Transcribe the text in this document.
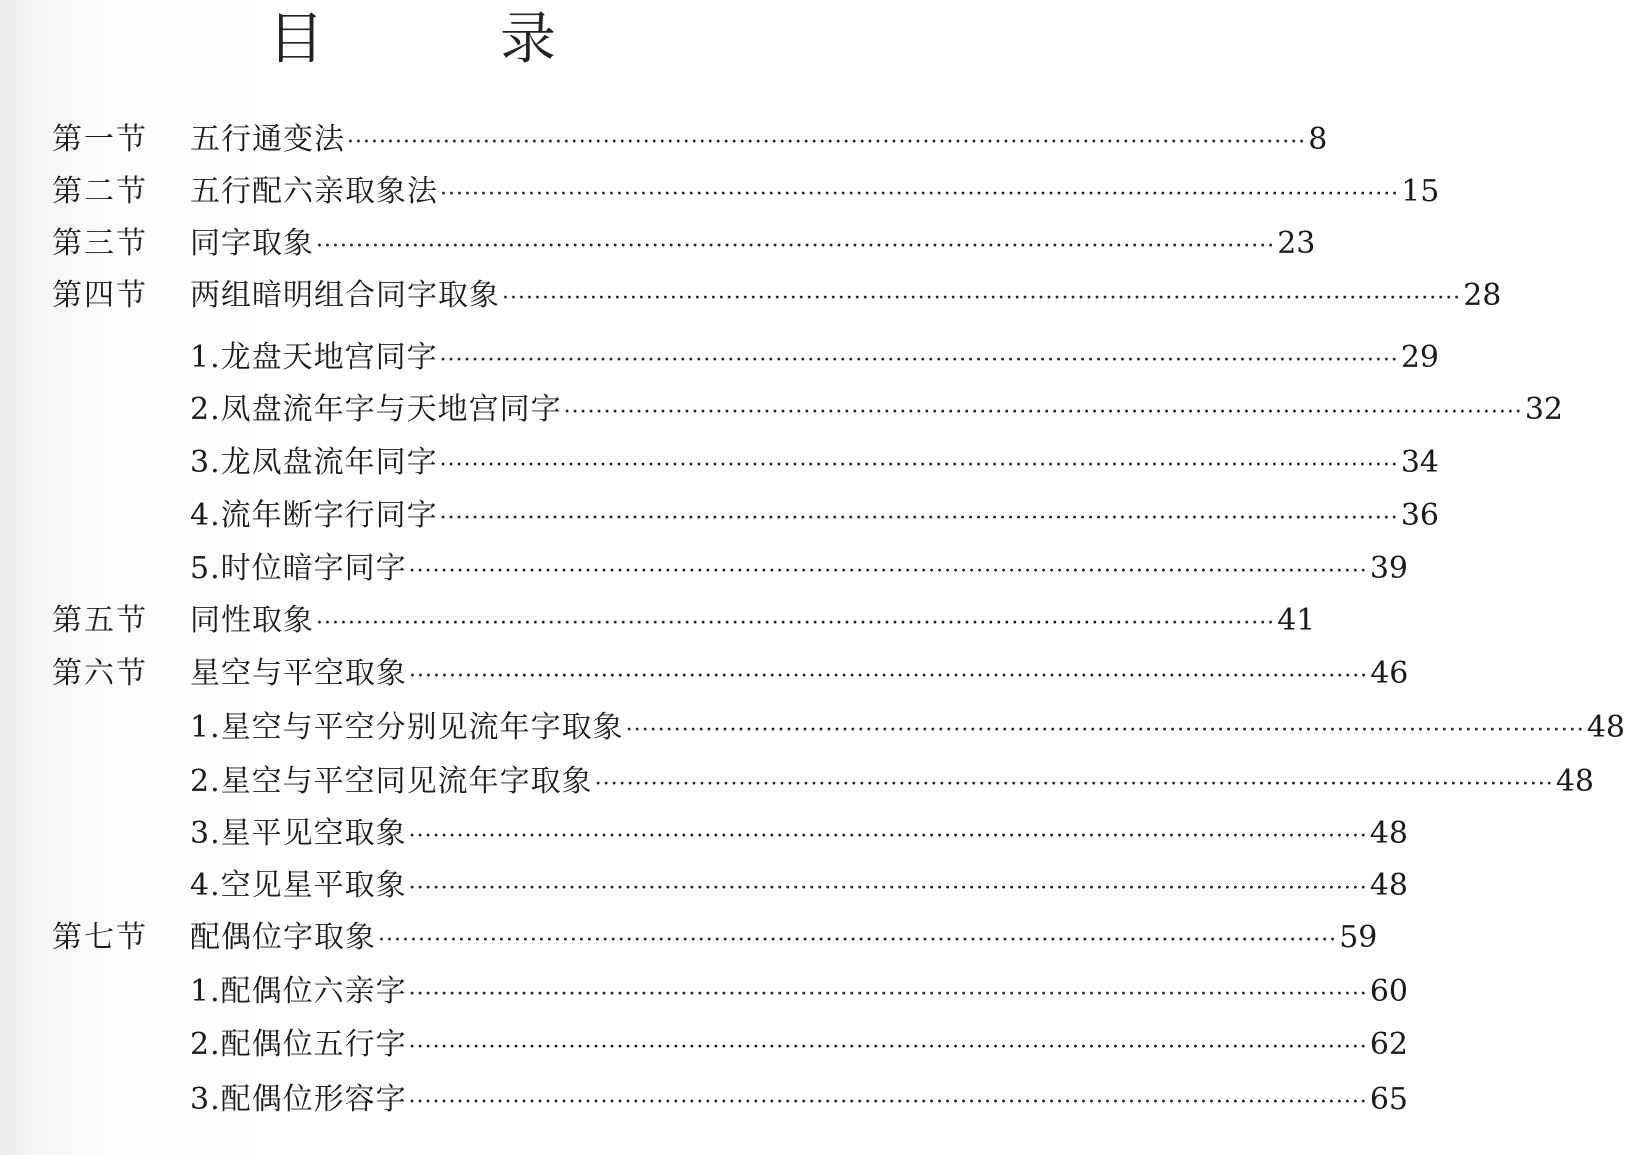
目　录
第一节 五行通变法 ························································································································ 8
第二节 五行配六亲取象法 ························································································································ 15
第三节 同字取象 ························································································································ 23
第四节 两组暗明组合同字取象 ························································································································ 28
1.龙盘天地宫同字 ························································································································ 29
2.凤盘流年字与天地宫同字 ························································································································ 32
3.龙凤盘流年同字 ························································································································ 34
4.流年断字行同字 ························································································································ 36
5.时位暗字同字 ························································································································ 39
第五节 同性取象 ························································································································ 41
第六节 星空与平空取象 ························································································································ 46
1.星空与平空分别见流年字取象 ························································································································ 48
2.星空与平空同见流年字取象 ························································································································ 48
3.星平见空取象 ························································································································ 48
4.空见星平取象 ························································································································ 48
第七节 配偶位字取象 ························································································································ 59
1.配偶位六亲字 ························································································································ 60
2.配偶位五行字 ························································································································ 62
3.配偶位形容字 ························································································································ 65
